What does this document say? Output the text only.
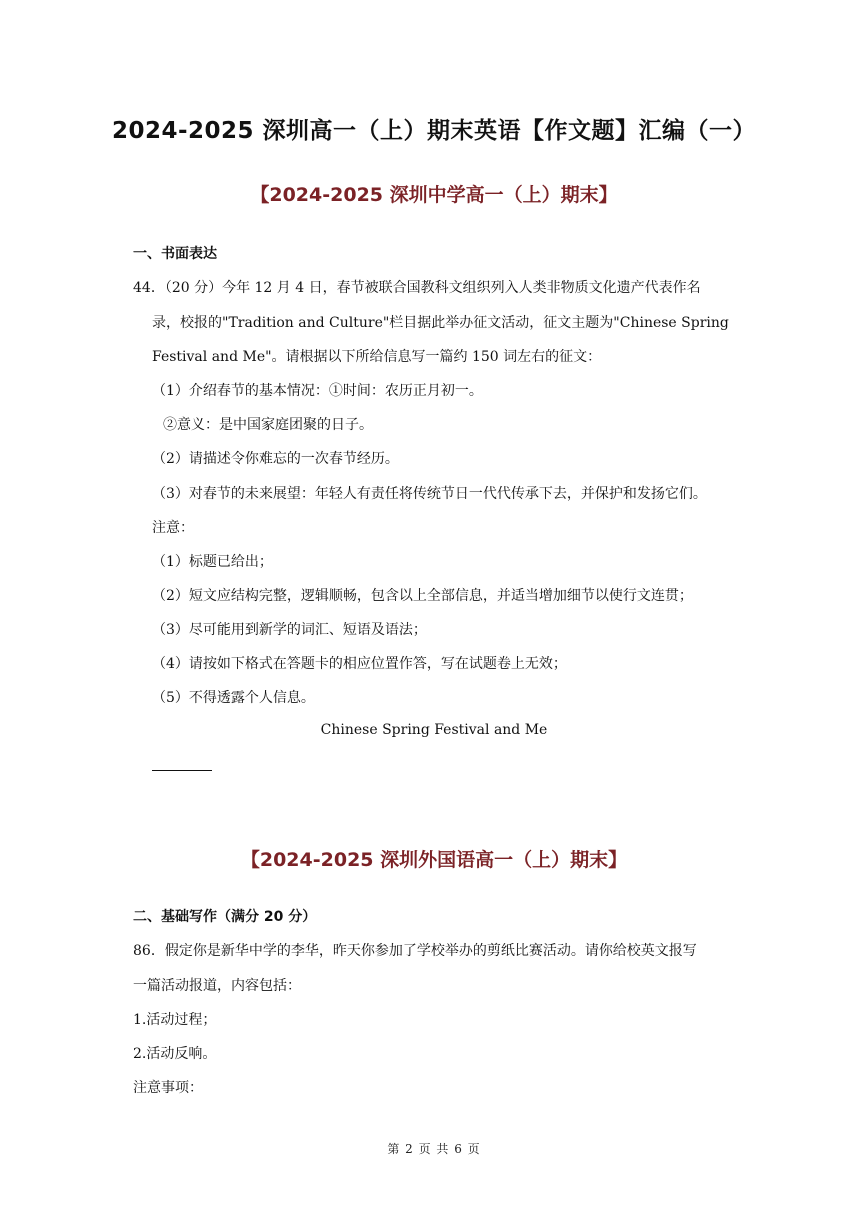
2024-2025 深圳高一（上）期末英语【作文题】汇编（一）
【2024-2025 深圳中学高一（上）期末】
一、书面表达
44．（20 分）今年 12 月 4 日，春节被联合国教科文组织列入人类非物质文化遗产代表作名
录，校报的"Tradition and Culture"栏目据此举办征文活动，征文主题为"Chinese Spring
Festival and Me"。请根据以下所给信息写一篇约 150 词左右的征文：
（1）介绍春节的基本情况：①时间：农历正月初一。
②意义：是中国家庭团聚的日子。
（2）请描述令你难忘的一次春节经历。
（3）对春节的未来展望：年轻人有责任将传统节日一代代传承下去，并保护和发扬它们。
注意：
（1）标题已给出；
（2）短文应结构完整，逻辑顺畅，包含以上全部信息，并适当增加细节以使行文连贯；
（3）尽可能用到新学的词汇、短语及语法；
（4）请按如下格式在答题卡的相应位置作答，写在试题卷上无效；
（5）不得透露个人信息。
Chinese Spring Festival and Me
【2024-2025 深圳外国语高一（上）期末】
二、基础写作（满分 20 分）
86．假定你是新华中学的李华，昨天你参加了学校举办的剪纸比赛活动。请你给校英文报写
一篇活动报道，内容包括：
1.活动过程；
2.活动反响。
注意事项：
第 2 页 共 6 页
